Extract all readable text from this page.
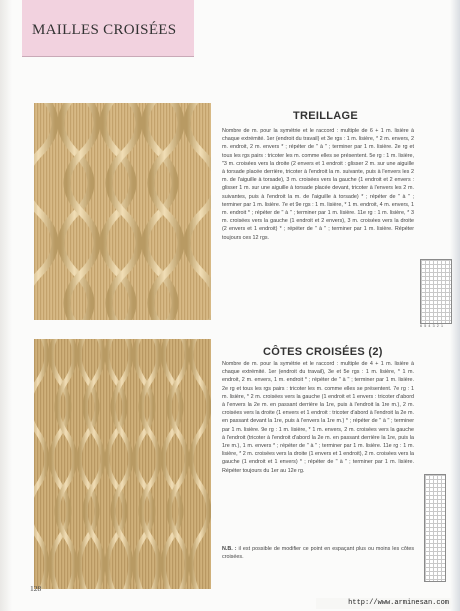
MAILLES CROISÉES
TREILLAGE
Nombre de m. pour la symétrie et le raccord : multiple de 6 + 1 m. lisière à chaque extrémité. 1er (endroit du travail) et 3e rgs : 1 m. lisière, * 2 m. envers, 2 m. endroit, 2 m. envers * ; répéter de " à " ; terminer par 1 m. lisière. 2e rg et tous les rgs pairs : tricoter les m. comme elles se présentent. 5e rg : 1 m. lisière, "3 m. croisées vers la droite (2 envers et 1 endroit : glisser 2 m. sur une aiguille à torsade placée derrière, tricoter à l'endroit la m. suivante, puis à l'envers les 2 m. de l'aiguille à torsade), 3 m. croisées vers la gauche (1 endroit et 2 envers : glisser 1 m. sur une aiguille à torsade placée devant, tricoter à l'envers les 2 m. suivantes, puis à l'endroit la m. de l'aiguille à torsade) * ; répéter de " à " ; terminer par 1 m. lisière. 7e et 9e rgs : 1 m. lisière, * 1 m. endroit, 4 m. envers, 1 m. endroit * ; répéter de " à " ; terminer par 1 m. lisière. 11e rg : 1 m. lisière, * 3 m. croisées vers la gauche (1 endroit et 2 envers), 3 m. croisées vers la droite (2 envers et 1 endroit) * ; répéter de " à " ; terminer par 1 m. lisière. Répéter toujours ces 12 rgs.
6 5 4 3 2 1
CÔTES CROISÉES (2)
Nombre de m. pour la symétrie et le raccord : multiple de 4 + 1 m. lisière à chaque extrémité. 1er (endroit du travail), 3e et 5e rgs : 1 m. lisière, * 1 m. endroit, 2 m. envers, 1 m. endroit * ; répéter de " à " ; terminer par 1 m. lisière. 2e rg et tous les rgs pairs : tricoter les m. comme elles se présentent. 7e rg : 1 m. lisière, * 2 m. croisées vers la gauche (1 endroit et 1 envers : tricoter d'abord à l'envers la 2e m. en passant derrière la 1re, puis à l'endroit la 1re m.), 2 m. croisées vers la droite (1 envers et 1 endroit : tricoter d'abord à l'endroit la 2e m. en passant devant la 1re, puis à l'envers la 1re m.) * ; répéter de " à " ; terminer par 1 m. lisière. 9e rg : 1 m. lisière, * 1 m. envers, 2 m. croisées vers la gauche à l'endroit (tricoter à l'endroit d'abord la 2e m. en passant derrière la 1re, puis la 1re m.), 1 m. envers * ; répéter de " à " ; terminer par 1 m. lisière. 11e rg : 1 m. lisière, * 2 m. croisées vers la droite (1 envers et 1 endroit), 2 m. croisées vers la gauche (1 endroit et 1 envers) * ; répéter de " à " ; terminer par 1 m. lisière. Répéter toujours du 1er au 12e rg.
N.B. : il est possible de modifier ce point en espaçant plus ou moins les côtes croisées.
128
http://www.arminesan.com
